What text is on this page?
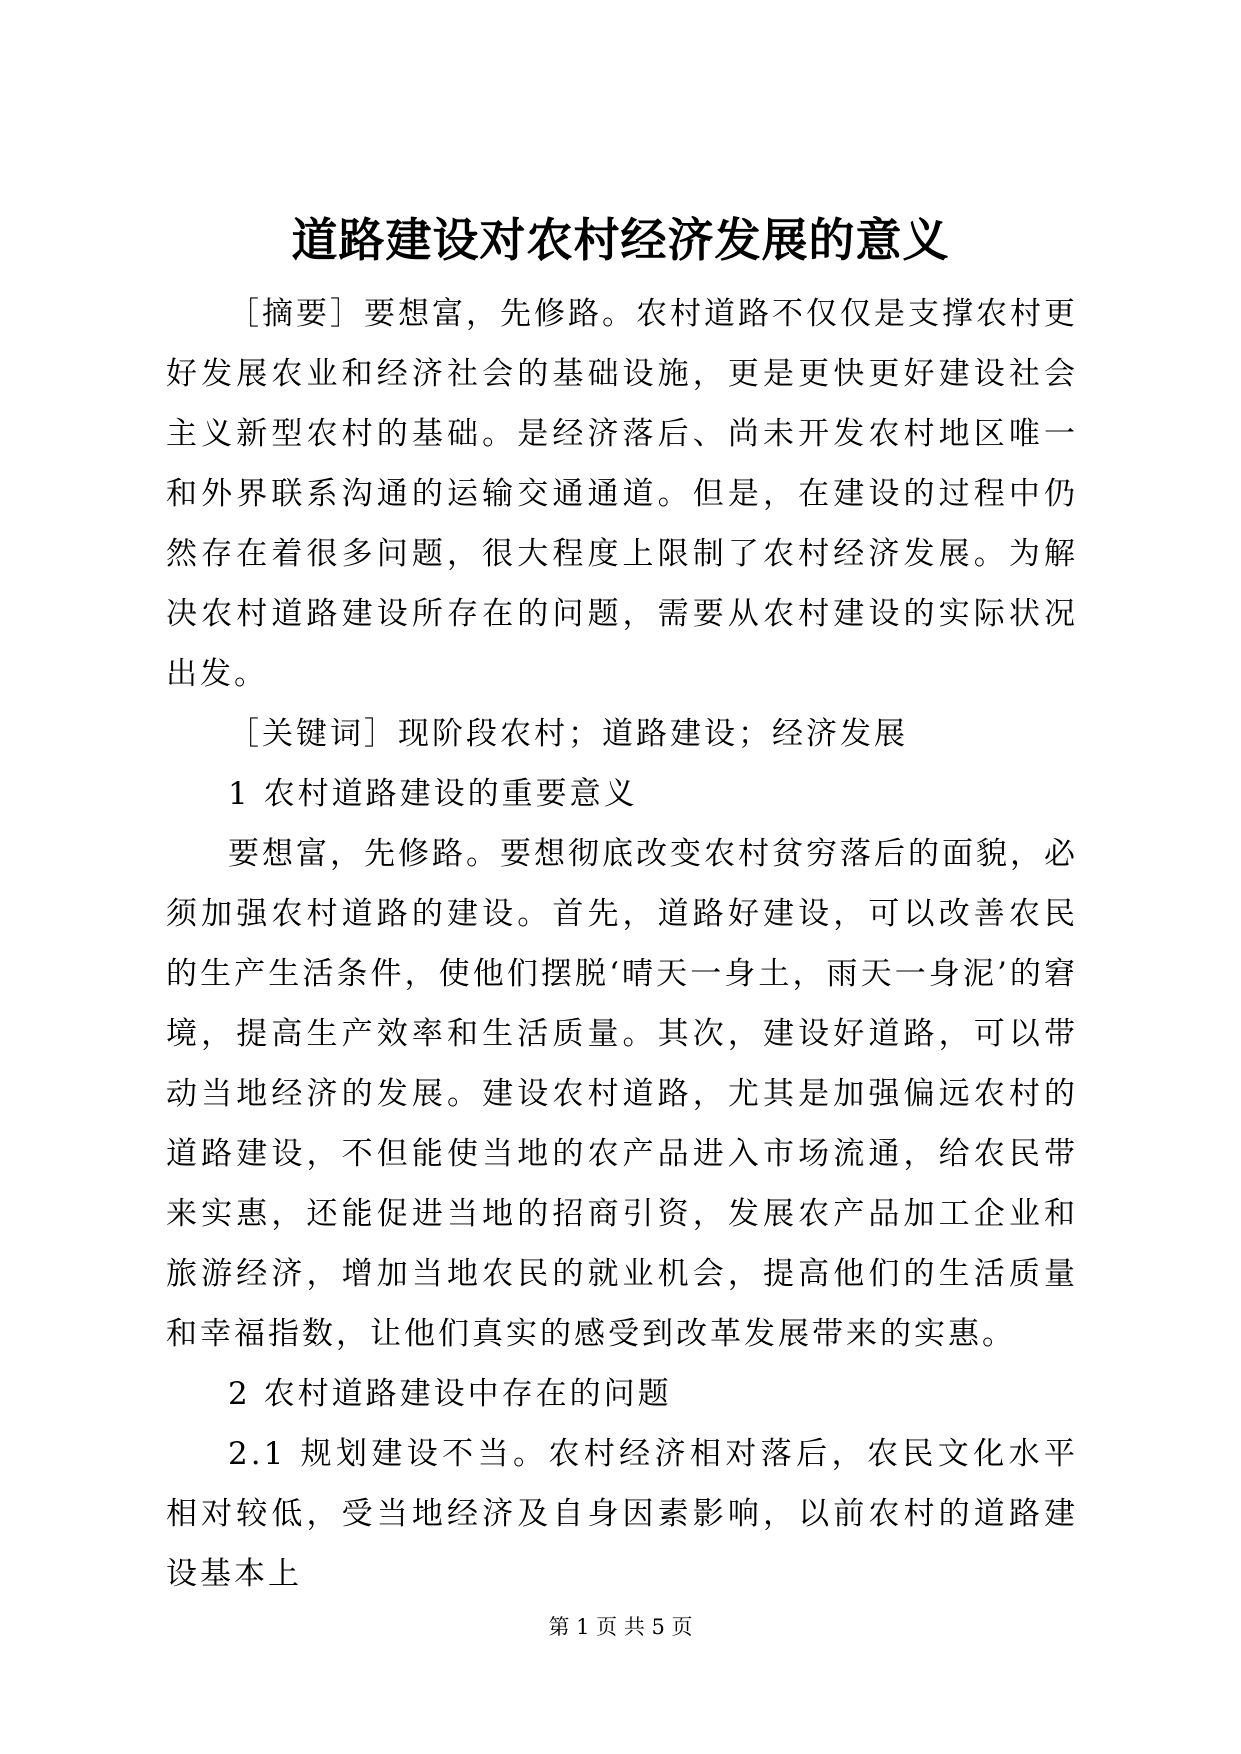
道路建设对农村经济发展的意义

［摘要］要想富，先修路。农村道路不仅仅是支撑农村更好发展农业和经济社会的基础设施，更是更快更好建设社会主义新型农村的基础。是经济落后、尚未开发农村地区唯一和外界联系沟通的运输交通通道。但是，在建设的过程中仍然存在着很多问题，很大程度上限制了农村经济发展。为解决农村道路建设所存在的问题，需要从农村建设的实际状况出发。

［关键词］现阶段农村；道路建设；经济发展

1 农村道路建设的重要意义

要想富，先修路。要想彻底改变农村贫穷落后的面貌，必须加强农村道路的建设。首先，道路好建设，可以改善农民的生产生活条件，使他们摆脱‘晴天一身土，雨天一身泥’的窘境，提高生产效率和生活质量。其次，建设好道路，可以带动当地经济的发展。建设农村道路，尤其是加强偏远农村的道路建设，不但能使当地的农产品进入市场流通，给农民带来实惠，还能促进当地的招商引资，发展农产品加工企业和旅游经济，增加当地农民的就业机会，提高他们的生活质量和幸福指数，让他们真实的感受到改革发展带来的实惠。

2 农村道路建设中存在的问题

2.1 规划建设不当。农村经济相对落后，农民文化水平相对较低，受当地经济及自身因素影响，以前农村的道路建设基本上

第 1 页 共 5 页
